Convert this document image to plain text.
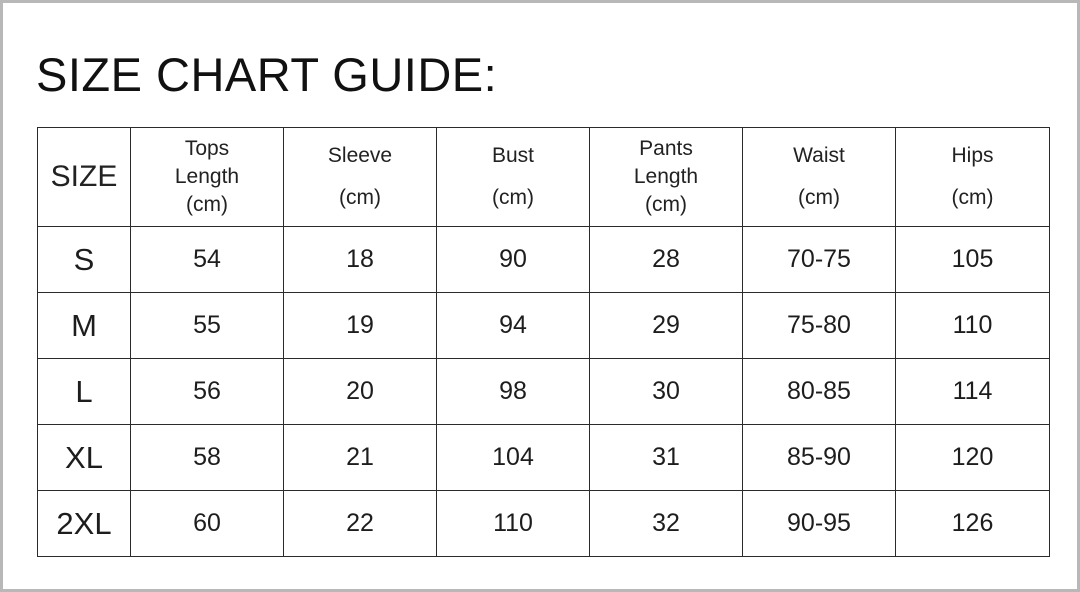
SIZE CHART GUIDE:
SIZE	Tops
Length
(cm)	Sleeve
(cm)	Bust
(cm)	Pants
Length
(cm)	Waist
(cm)	Hips
(cm)

S	54	18	90	28	70-75	105
M	55	19	94	29	75-80	110
L	56	20	98	30	80-85	114
XL	58	21	104	31	85-90	120
2XL	60	22	110	32	90-95	126
